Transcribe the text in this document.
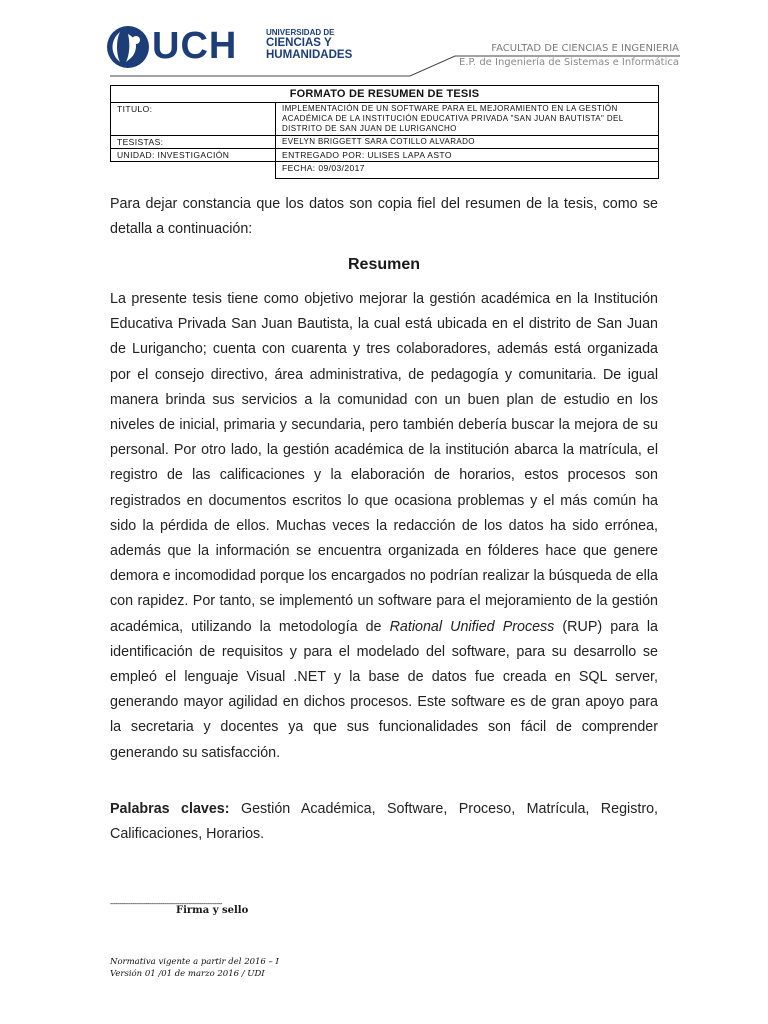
UCH	UNIVERSIDAD DE
CIENCIAS Y
HUMANIDADES
FACULTAD DE CIENCIAS E INGENIERIA
E.P. de Ingeniería de Sistemas e Informática
FORMATO DE RESUMEN DE TESIS	
TITULO:	IMPLEMENTACIÓN DE UN SOFTWARE PARA EL MEJORAMIENTO EN LA GESTIÓN ACADÉMICA DE LA INSTITUCIÓN EDUCATIVA PRIVADA "SAN JUAN BAUTISTA" DEL DISTRITO DE SAN JUAN DE LURIGANCHO
TESISTAS:	EVELYN BRIGGETT SARA COTILLO ALVARADO
UNIDAD: INVESTIGACIÓN	ENTREGADO POR: ULISES LAPA ASTO
	FECHA: 09/03/2017
Para dejar constancia que los datos son copia fiel del resumen de la tesis, como se detalla a continuación:
Resumen
La presente tesis tiene como objetivo mejorar la gestión académica en la Institución Educativa Privada San Juan Bautista, la cual está ubicada en el distrito de San Juan de Lurigancho; cuenta con cuarenta y tres colaboradores, además está organizada por el consejo directivo, área administrativa, de pedagogía y comunitaria. De igual manera brinda sus servicios a la comunidad con un buen plan de estudio en los niveles de inicial, primaria y secundaria, pero también debería buscar la mejora de su personal. Por otro lado, la gestión académica de la institución abarca la matrícula, el registro de las calificaciones y la elaboración de horarios, estos procesos son registrados en documentos escritos lo que ocasiona problemas y el más común ha sido la pérdida de ellos. Muchas veces la redacción de los datos ha sido errónea, además que la información se encuentra organizada en fólderes hace que genere demora e incomodidad porque los encargados no podrían realizar la búsqueda de ella con rapidez. Por tanto, se implementó un software para el mejoramiento de la gestión académica, utilizando la metodología de Rational Unified Process (RUP) para la identificación de requisitos y para el modelado del software, para su desarrollo se empleó el lenguaje Visual .NET y la base de datos fue creada en SQL server, generando mayor agilidad en dichos procesos. Este software es de gran apoyo para la secretaria y docentes ya que sus funcionalidades son fácil de comprender generando su satisfacción.
Palabras claves: Gestión Académica, Software, Proceso, Matrícula, Registro, Calificaciones, Horarios.
------------------------------------------------------------
Firma y sello
Normativa vigente a partir del 2016 – I
Versión 01 /01 de marzo 2016 / UDI
